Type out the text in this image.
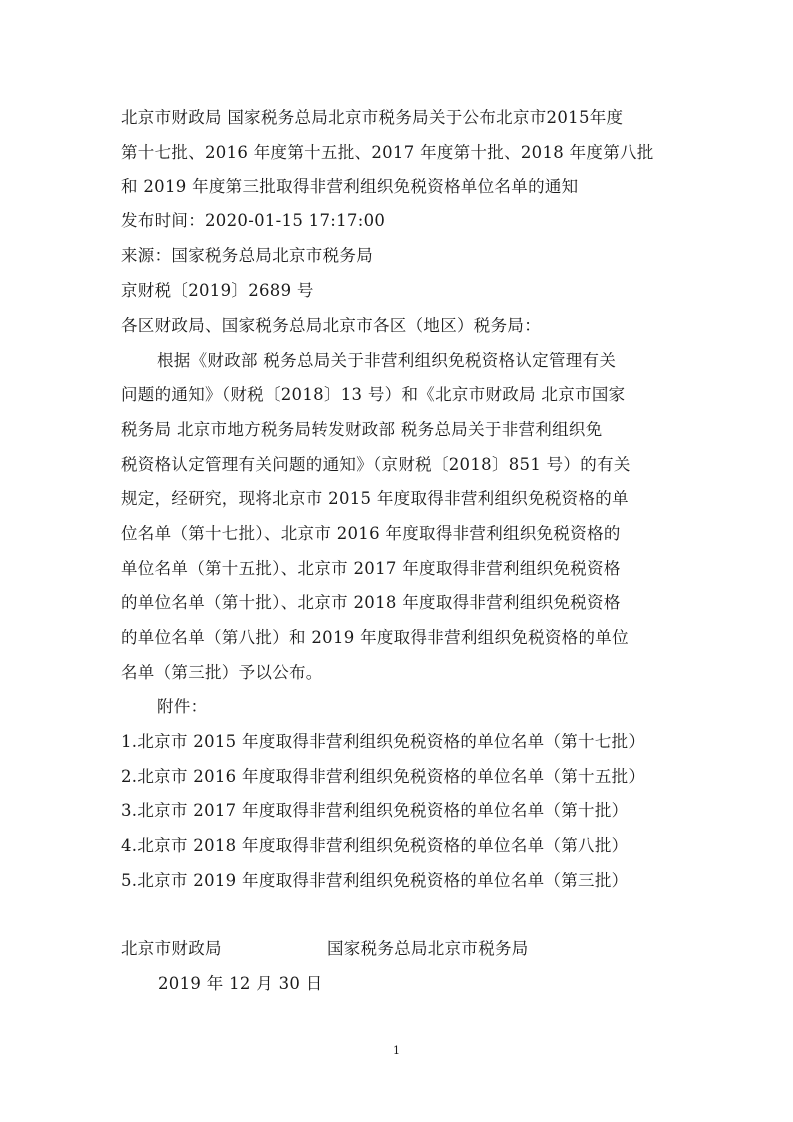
北京市财政局 国家税务总局北京市税务局关于公布北京市2015年度
第十七批、2016 年度第十五批、2017 年度第十批、2018 年度第八批
和 2019 年度第三批取得非营利组织免税资格单位名单的通知
发布时间：2020-01-15 17:17:00
来源：国家税务总局北京市税务局
京财税〔2019〕2689 号
各区财政局、国家税务总局北京市各区（地区）税务局：
根据《财政部 税务总局关于非营利组织免税资格认定管理有关
问题的通知》（财税〔2018〕13 号）和《北京市财政局 北京市国家
税务局 北京市地方税务局转发财政部 税务总局关于非营利组织免
税资格认定管理有关问题的通知》（京财税〔2018〕851 号）的有关
规定，经研究，现将北京市 2015 年度取得非营利组织免税资格的单
位名单（第十七批）、北京市 2016 年度取得非营利组织免税资格的
单位名单（第十五批）、北京市 2017 年度取得非营利组织免税资格
的单位名单（第十批）、北京市 2018 年度取得非营利组织免税资格
的单位名单（第八批）和 2019 年度取得非营利组织免税资格的单位
名单（第三批）予以公布。
附件：
1.北京市 2015 年度取得非营利组织免税资格的单位名单（第十七批）
2.北京市 2016 年度取得非营利组织免税资格的单位名单（第十五批）
3.北京市 2017 年度取得非营利组织免税资格的单位名单（第十批）
4.北京市 2018 年度取得非营利组织免税资格的单位名单（第八批）
5.北京市 2019 年度取得非营利组织免税资格的单位名单（第三批）
北京市财政局	国家税务总局北京市税务局
2019 年 12 月 30 日
1
